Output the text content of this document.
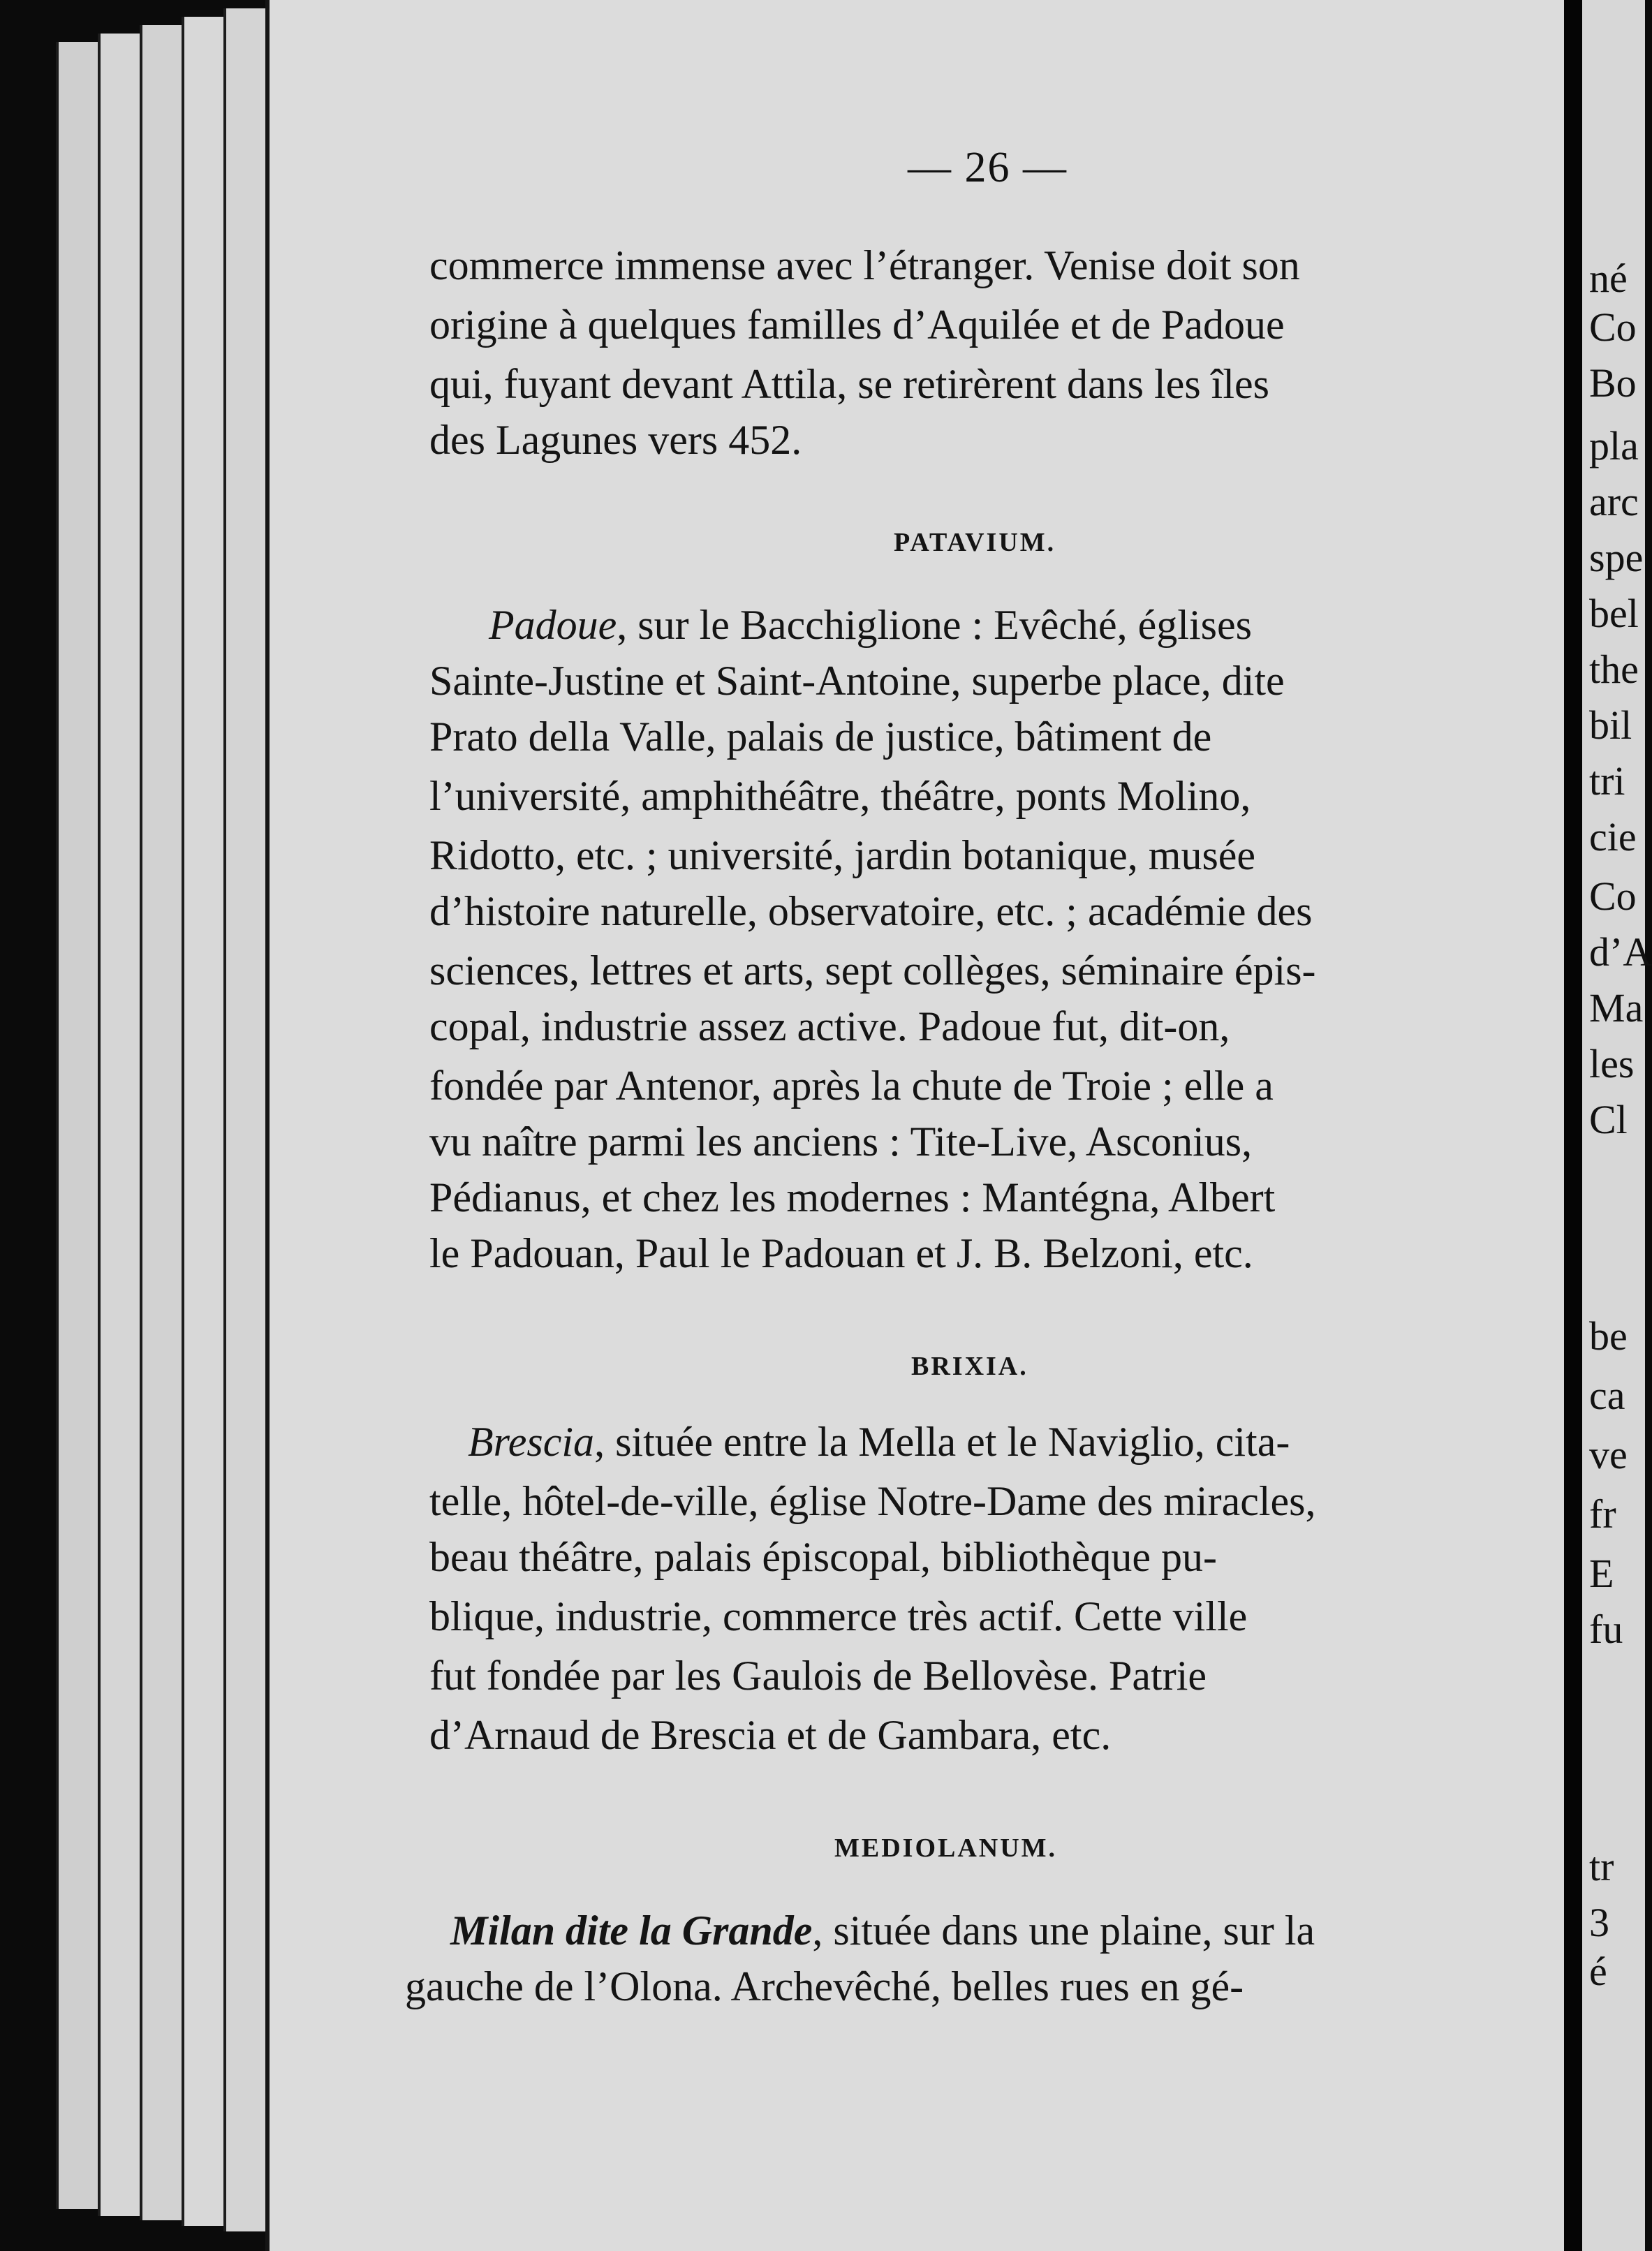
né
Co
Bo
pla
arc
spe
bel
the
bil
tri
cie
Co
d’A
Ma
les
Cl
be
ca
ve
fr
E
fu
tr
3
é
— 26 —
commerce immense avec l’étranger. Venise doit son
origine à quelques familles d’Aquilée et de Padoue
qui, fuyant devant Attila, se retirèrent dans les îles
des Lagunes vers 452.
PATAVIUM.
Padoue, sur le Bacchiglione : Evêché, églises
Sainte-Justine et Saint-Antoine, superbe place, dite
Prato della Valle, palais de justice, bâtiment de
l’université, amphithéâtre, théâtre, ponts Molino,
Ridotto, etc. ; université, jardin botanique, musée
d’histoire naturelle, observatoire, etc. ; académie des
sciences, lettres et arts, sept collèges, séminaire épis-
copal, industrie assez active. Padoue fut, dit-on,
fondée par Antenor, après la chute de Troie ; elle a
vu naître parmi les anciens : Tite-Live, Asconius,
Pédianus, et chez les modernes : Mantégna, Albert
le Padouan, Paul le Padouan et J. B. Belzoni, etc.
BRIXIA.
Brescia, située entre la Mella et le Naviglio, cita-
telle, hôtel-de-ville, église Notre-Dame des miracles,
beau théâtre, palais épiscopal, bibliothèque pu-
blique, industrie, commerce très actif. Cette ville
fut fondée par les Gaulois de Bellovèse. Patrie
d’Arnaud de Brescia et de Gambara, etc.
MEDIOLANUM.
Milan dite la Grande, située dans une plaine, sur la
gauche de l’Olona. Archevêché, belles rues en gé-
